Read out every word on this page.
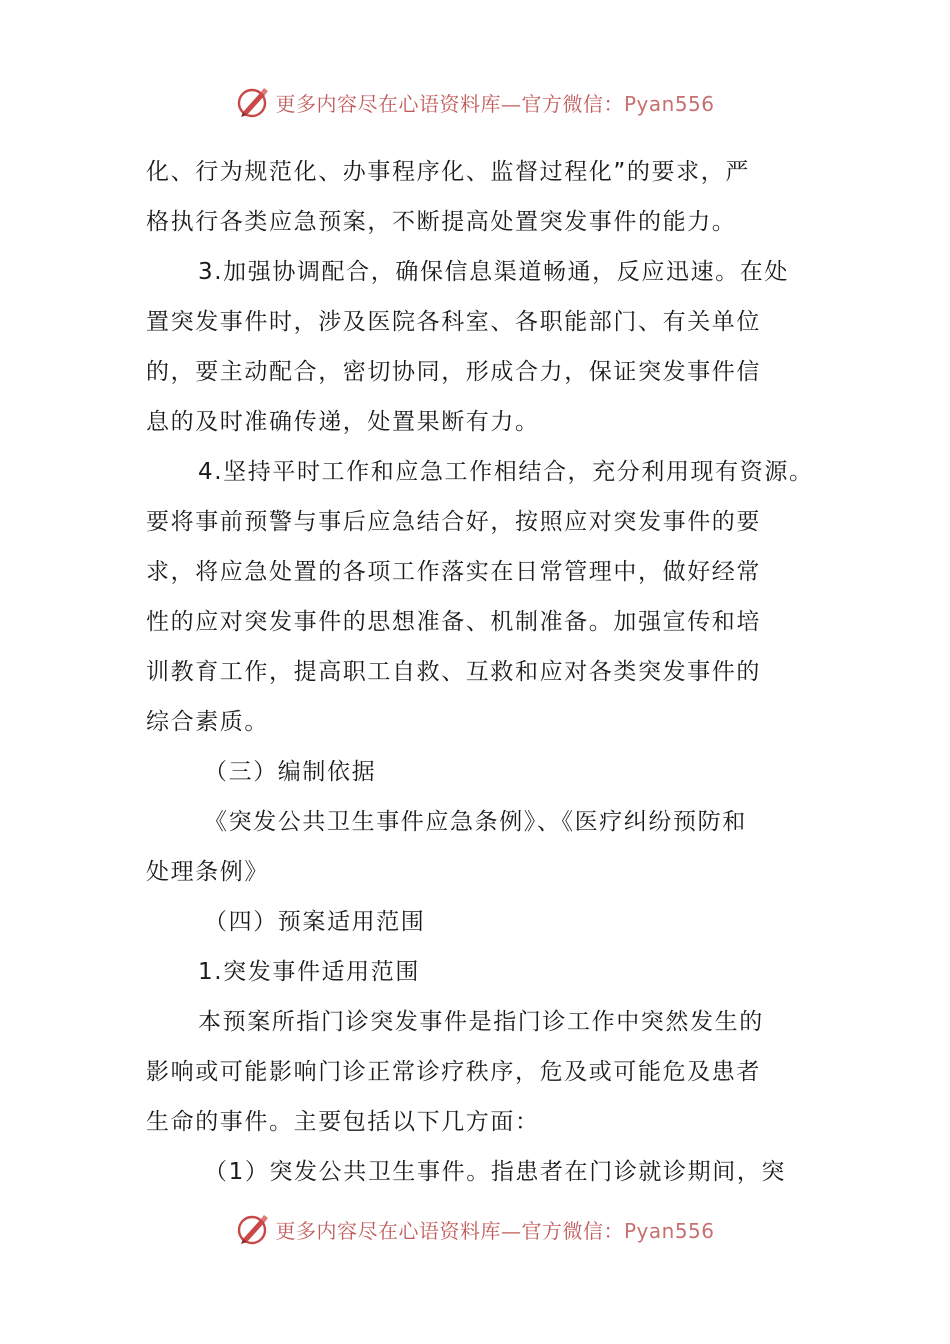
更多内容尽在心语资料库—官方微信：Pyan556
化、行为规范化、办事程序化、监督过程化”的要求，严
格执行各类应急预案，不断提高处置突发事件的能力。
3.加强协调配合，确保信息渠道畅通，反应迅速。在处
置突发事件时，涉及医院各科室、各职能部门、有关单位
的，要主动配合，密切协同，形成合力，保证突发事件信
息的及时准确传递，处置果断有力。
4.坚持平时工作和应急工作相结合，充分利用现有资源。
要将事前预警与事后应急结合好，按照应对突发事件的要
求，将应急处置的各项工作落实在日常管理中，做好经常
性的应对突发事件的思想准备、机制准备。加强宣传和培
训教育工作，提高职工自救、互救和应对各类突发事件的
综合素质。
（三）编制依据
《突发公共卫生事件应急条例》、《医疗纠纷预防和
处理条例》
（四）预案适用范围
1.突发事件适用范围
本预案所指门诊突发事件是指门诊工作中突然发生的
影响或可能影响门诊正常诊疗秩序，危及或可能危及患者
生命的事件。主要包括以下几方面：
（1）突发公共卫生事件。指患者在门诊就诊期间，突
更多内容尽在心语资料库—官方微信：Pyan556
